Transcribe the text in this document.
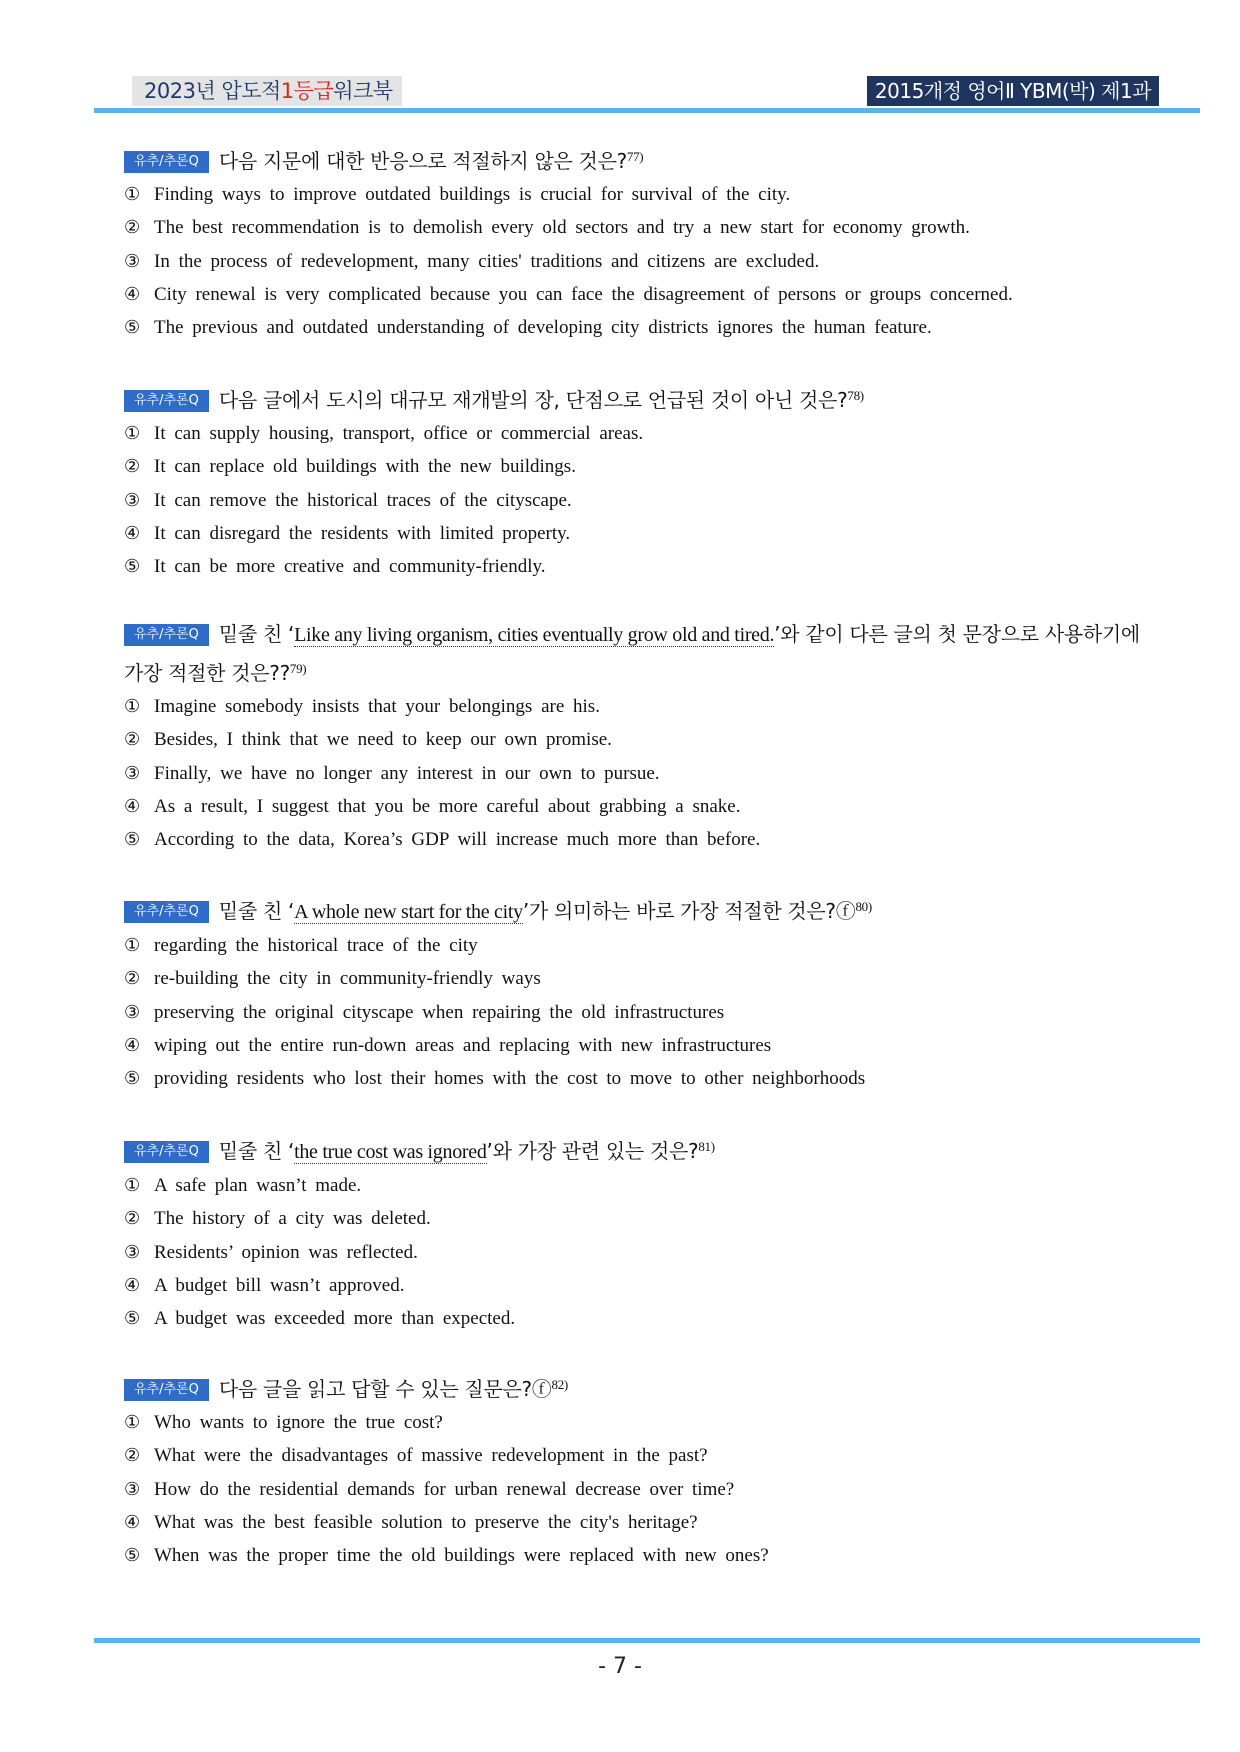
2023년 압도적1등급워크북	2015개정 영어Ⅱ YBM(박) 제1과
유추/추론Q 다음 지문에 대한 반응으로 적절하지 않은 것은?$^{77)}$
① Finding ways to improve outdated buildings is crucial for survival of the city.
② The best recommendation is to demolish every old sectors and try a new start for economy growth.
③ In the process of redevelopment, many cities' traditions and citizens are excluded.
④ City renewal is very complicated because you can face the disagreement of persons or groups concerned.
⑤ The previous and outdated understanding of developing city districts ignores the human feature.
유추/추론Q 다음 글에서 도시의 대규모 재개발의 장, 단점으로 언급된 것이 아닌 것은?$^{78)}$
① It can supply housing, transport, office or commercial areas.
② It can replace old buildings with the new buildings.
③ It can remove the historical traces of the cityscape.
④ It can disregard the residents with limited property.
⑤ It can be more creative and community-friendly.
유추/추론Q 밑줄 친 ‘Like any living organism, cities eventually grow old and tired.’와 같이 다른 글의 첫 문장으로 사용하기에 가장 적절한 것은??$^{79)}$
① Imagine somebody insists that your belongings are his.
② Besides, I think that we need to keep our own promise.
③ Finally, we have no longer any interest in our own to pursue.
④ As a result, I suggest that you be more careful about grabbing a snake.
⑤ According to the data, Korea’s GDP will increase much more than before.
유추/추론Q 밑줄 친 ‘A whole new start for the city’가 의미하는 바로 가장 적절한 것은?ⓕ$^{80)}$
① regarding the historical trace of the city
② re-building the city in community-friendly ways
③ preserving the original cityscape when repairing the old infrastructures
④ wiping out the entire run-down areas and replacing with new infrastructures
⑤ providing residents who lost their homes with the cost to move to other neighborhoods
유추/추론Q 밑줄 친 ‘the true cost was ignored’와 가장 관련 있는 것은?$^{81)}$
① A safe plan wasn’t made.
② The history of a city was deleted.
③ Residents’ opinion was reflected.
④ A budget bill wasn’t approved.
⑤ A budget was exceeded more than expected.
유추/추론Q 다음 글을 읽고 답할 수 있는 질문은?ⓕ$^{82)}$
① Who wants to ignore the true cost?
② What were the disadvantages of massive redevelopment in the past?
③ How do the residential demands for urban renewal decrease over time?
④ What was the best feasible solution to preserve the city's heritage?
⑤ When was the proper time the old buildings were replaced with new ones?
- 7 -
